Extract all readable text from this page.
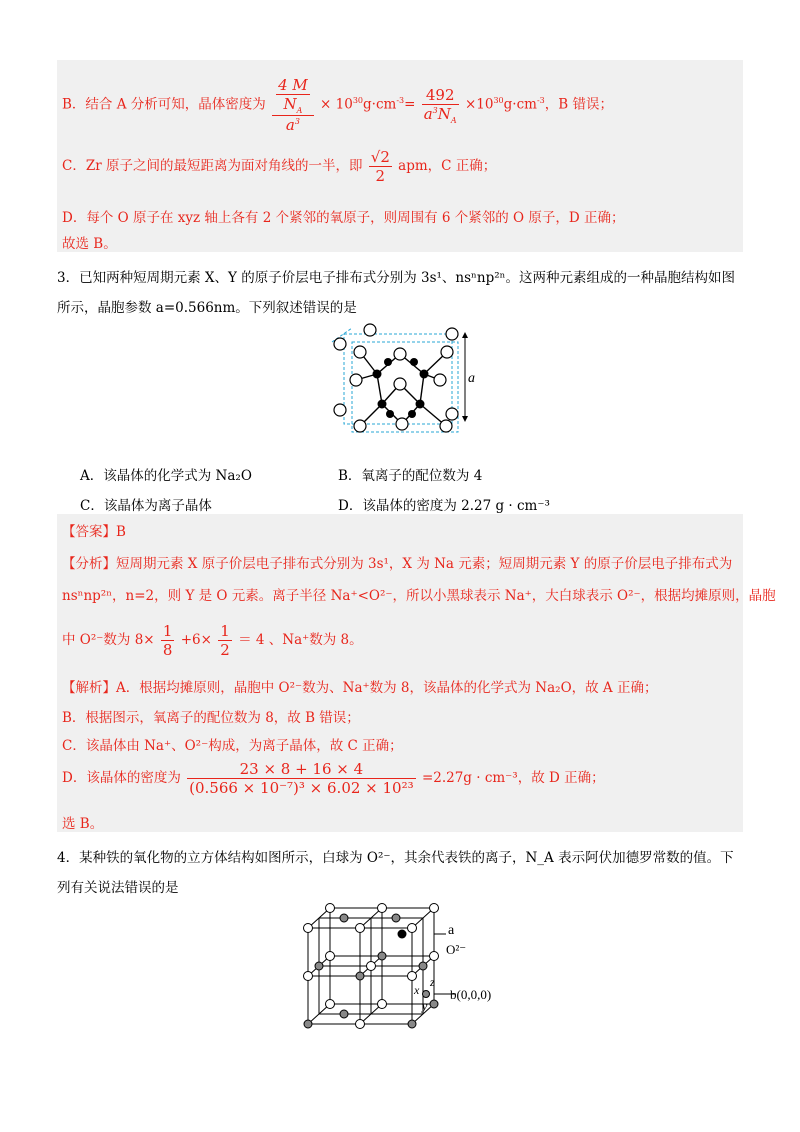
B．结合 A 分析可知，晶体密度为 $\frac{\frac{4 M}{N_A}}{a^3} \times 10^{30}g\cdot cm^{-3}= \frac{492}{a^3N_A} \times 10^{30}g\cdot cm^{-3}$，B 错误；
C．Zr 原子之间的最短距离为面对角线的一半，即 $\frac{√2}{2}$ apm，C 正确；
D．每个 O 原子在 xyz 轴上各有 2 个紧邻的氧原子，则周围有 6 个紧邻的 O 原子，D 正确；
故选 B。
3．已知两种短周期元素 X、Y 的原子价层电子排布式分别为 3s¹、nsⁿnp²ⁿ。这两种元素组成的一种晶胞结构如图
所示，晶胞参数 a=0.566nm。下列叙述错误的是
a
A．该晶体的化学式为 Na₂O	B．氧离子的配位数为 4
C．该晶体为离子晶体	D．该晶体的密度为 2.27 g · cm⁻³
【答案】B
【分析】短周期元素 X 原子价层电子排布式分别为 3s¹，X 为 Na 元素；短周期元素 Y 的原子价层电子排布式为
nsⁿnp²ⁿ，n=2，则 Y 是 O 元素。离子半径 Na⁺<O²⁻，所以小黑球表示 Na⁺，大白球表示 O²⁻，根据均摊原则，晶胞
中 O²⁻数为 $8\times \frac{1}{8} +6\times \frac{1}{2} = 4$ 、Na⁺数为 8。
【解析】A．根据均摊原则，晶胞中 O²⁻数为、Na⁺数为 8，该晶体的化学式为 Na₂O，故 A 正确；
B．根据图示，氧离子的配位数为 8，故 B 错误；
C．该晶体由 Na⁺、O²⁻构成，为离子晶体，故 C 正确；
D．该晶体的密度为 $\frac{23 \times 8 + 16 \times 4}{\text{(0.566 × 10⁻⁷)³ × 6.02 × 10²³}} =2.27g \cdot cm^{-3}$，故 D 正确；
选 B。
4．某种铁的氧化物的立方体结构如图所示，白球为 O²⁻，其余代表铁的离子，N_A 表示阿伏加德罗常数的值。下
列有关说法错误的是
a
O²⁻
z
x
y
b(0,0,0)
